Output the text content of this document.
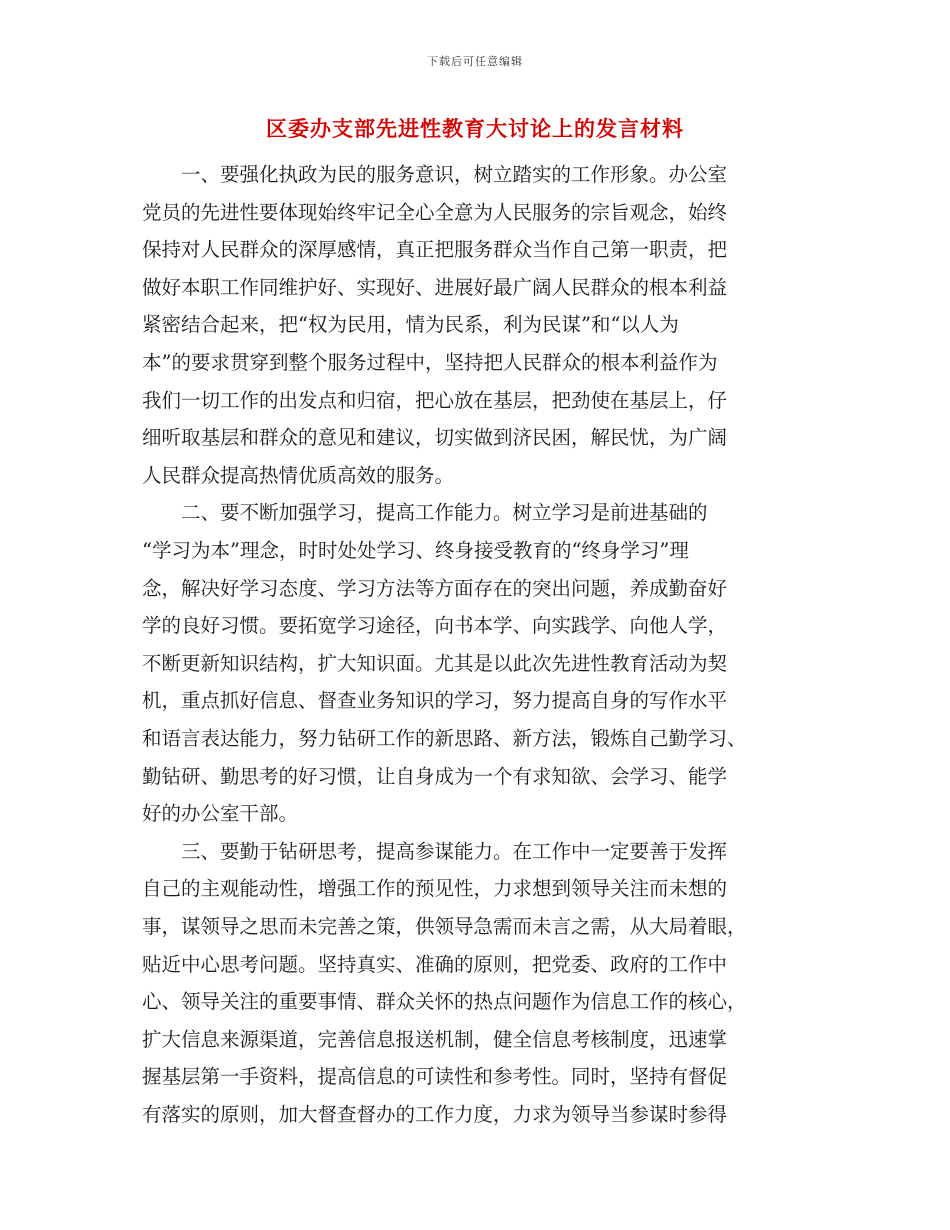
下载后可任意编辑
区委办支部先进性教育大讨论上的发言材料
　　一、要强化执政为民的服务意识，树立踏实的工作形象。办公室
党员的先进性要体现始终牢记全心全意为人民服务的宗旨观念，始终
保持对人民群众的深厚感情，真正把服务群众当作自己第一职责，把
做好本职工作同维护好、实现好、进展好最广阔人民群众的根本利益
紧密结合起来，把“权为民用，情为民系，利为民谋”和“以人为
本”的要求贯穿到整个服务过程中，坚持把人民群众的根本利益作为
我们一切工作的出发点和归宿，把心放在基层，把劲使在基层上，仔
细听取基层和群众的意见和建议，切实做到济民困，解民忧，为广阔
人民群众提高热情优质高效的服务。
　　二、要不断加强学习，提高工作能力。树立学习是前进基础的
“学习为本”理念，时时处处学习、终身接受教育的“终身学习”理
念，解决好学习态度、学习方法等方面存在的突出问题，养成勤奋好
学的良好习惯。要拓宽学习途径，向书本学、向实践学、向他人学，
不断更新知识结构，扩大知识面。尤其是以此次先进性教育活动为契
机，重点抓好信息、督查业务知识的学习，努力提高自身的写作水平
和语言表达能力，努力钻研工作的新思路、新方法，锻炼自己勤学习、
勤钻研、勤思考的好习惯，让自身成为一个有求知欲、会学习、能学
好的办公室干部。
　　三、要勤于钻研思考，提高参谋能力。在工作中一定要善于发挥
自己的主观能动性，增强工作的预见性，力求想到领导关注而未想的
事，谋领导之思而未完善之策，供领导急需而未言之需，从大局着眼，
贴近中心思考问题。坚持真实、准确的原则，把党委、政府的工作中
心、领导关注的重要事情、群众关怀的热点问题作为信息工作的核心，
扩大信息来源渠道，完善信息报送机制，健全信息考核制度，迅速掌
握基层第一手资料，提高信息的可读性和参考性。同时，坚持有督促
有落实的原则，加大督查督办的工作力度，力求为领导当参谋时参得
